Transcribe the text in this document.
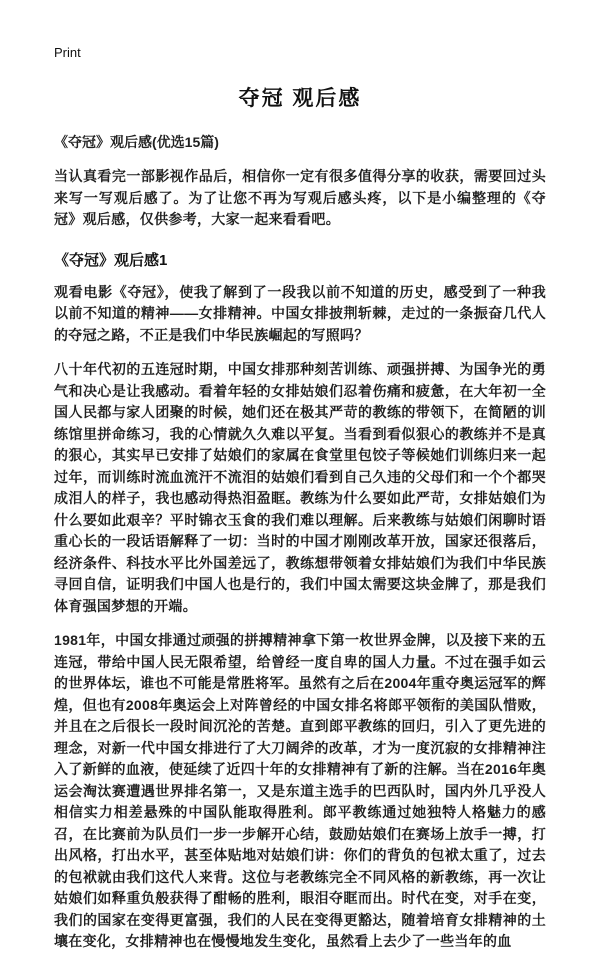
Print
夺冠 观后感

《夺冠》观后感(优选15篇)

当认真看完一部影视作品后，相信你一定有很多值得分享的收获，需要回过头来写一写观后感了。为了让您不再为写观后感头疼，以下是小编整理的《夺冠》观后感，仅供参考，大家一起来看看吧。

《夺冠》观后感1

观看电影《夺冠》，使我了解到了一段我以前不知道的历史，感受到了一种我以前不知道的精神——女排精神。中国女排披荆斩棘，走过的一条振奋几代人的夺冠之路，不正是我们中华民族崛起的写照吗？

八十年代初的五连冠时期，中国女排那种刻苦训练、顽强拼搏、为国争光的勇气和决心是让我感动。看着年轻的女排姑娘们忍着伤痛和疲惫，在大年初一全国人民都与家人团聚的时候，她们还在极其严苛的教练的带领下，在简陋的训练馆里拼命练习，我的心情就久久难以平复。当看到看似狠心的教练并不是真的狠心，其实早已安排了姑娘们的家属在食堂里包饺子等候她们训练归来一起过年，而训练时流血流汗不流泪的姑娘们看到自己久违的父母们和一个个都哭成泪人的样子，我也感动得热泪盈眶。教练为什么要如此严苛，女排姑娘们为什么要如此艰辛？平时锦衣玉食的我们难以理解。后来教练与姑娘们闲聊时语重心长的一段话语解释了一切：当时的中国才刚刚改革开放，国家还很落后，经济条件、科技水平比外国差远了，教练想带领着女排姑娘们为我们中华民族寻回自信，证明我们中国人也是行的，我们中国太需要这块金牌了，那是我们体育强国梦想的开端。

1981年，中国女排通过顽强的拼搏精神拿下第一枚世界金牌，以及接下来的五连冠，带给中国人民无限希望，给曾经一度自卑的国人力量。不过在强手如云的世界体坛，谁也不可能是常胜将军。虽然有之后在2004年重夺奥运冠军的辉煌，但也有2008年奥运会上对阵曾经的中国女排名将郎平领衔的美国队惜败，并且在之后很长一段时间沉沦的苦楚。直到郎平教练的回归，引入了更先进的理念，对新一代中国女排进行了大刀阔斧的改革，才为一度沉寂的女排精神注入了新鲜的血液，使延续了近四十年的女排精神有了新的注解。当在2016年奥运会淘汰赛遭遇世界排名第一，又是东道主选手的巴西队时，国内外几乎没人相信实力相差悬殊的中国队能取得胜利。郎平教练通过她独特人格魅力的感召，在比赛前为队员们一步一步解开心结，鼓励姑娘们在赛场上放手一搏，打出风格，打出水平，甚至体贴地对姑娘们讲：你们的背负的包袱太重了，过去的包袱就由我们这代人来背。这位与老教练完全不同风格的新教练，再一次让姑娘们如释重负般获得了酣畅的胜利，眼泪夺眶而出。时代在变，对手在变，我们的国家在变得更富强，我们的人民在变得更豁达，随着培育女排精神的土壤在变化，女排精神也在慢慢地发生变化，虽然看上去少了一些当年的血
